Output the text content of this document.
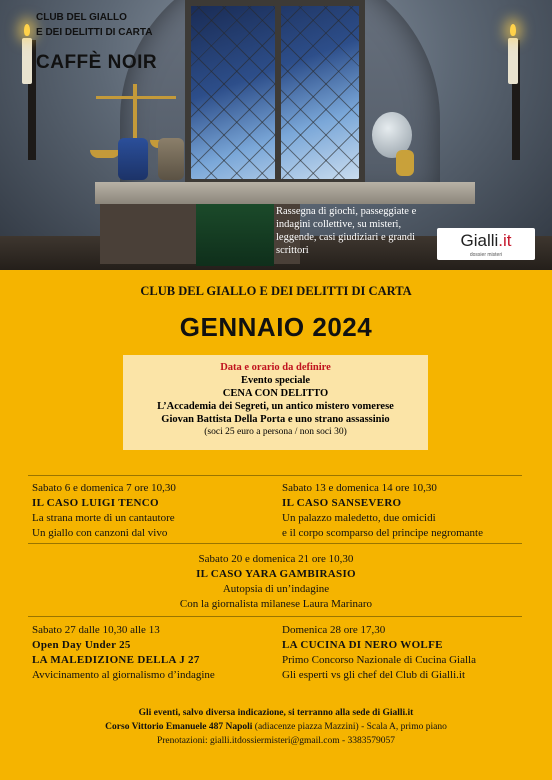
CLUB DEL GIALLO
E DEI DELITTI DI CARTA
CAFFÈ NOIR
Rassegna di giochi, passeggiate e indagini collettive, su misteri, leggende, casi giudiziari e grandi scrittori
Gialli.it
dossier misteri
CLUB DEL GIALLO E DEI DELITTI DI CARTA
GENNAIO 2024
Data e orario da definire
Evento speciale
CENA CON DELITTO
L’Accademia dei Segreti, un antico mistero vomerese
Giovan Battista Della Porta e uno strano assassinio
(soci 25 euro a persona / non soci 30)
Sabato 6 e domenica 7 ore 10,30
IL CASO LUIGI TENCO
La strana morte di un cantautore
Un giallo con canzoni dal vivo
Sabato 13 e domenica 14 ore 10,30
IL CASO SANSEVERO
Un palazzo maledetto, due omicidi
e il corpo scomparso del principe negromante
Sabato 20 e domenica 21 ore 10,30
IL CASO YARA GAMBIRASIO
Autopsia di un’indagine
Con la giornalista milanese Laura Marinaro
Sabato 27 dalle 10,30 alle 13
Open Day Under 25
LA MALEDIZIONE DELLA J 27
Avvicinamento al giornalismo d’indagine
Domenica 28 ore 17,30
LA CUCINA DI NERO WOLFE
Primo Concorso Nazionale di Cucina Gialla
Gli esperti vs gli chef del Club di Gialli.it
Gli eventi, salvo diversa indicazione, si terranno alla sede di Gialli.it
Corso Vittorio Emanuele 487 Napoli (adiacenze piazza Mazzini) - Scala A, primo piano
Prenotazioni: gialli.itdossiermisteri@gmail.com - 3383579057
